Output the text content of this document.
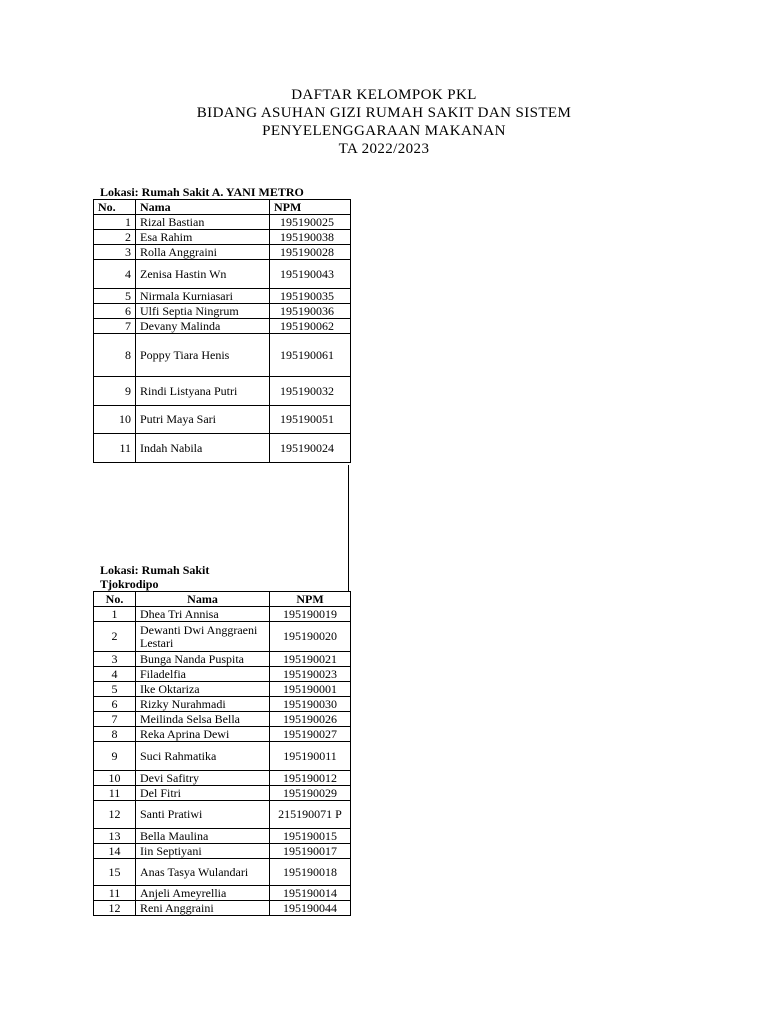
DAFTAR KELOMPOK PKL
BIDANG ASUHAN GIZI RUMAH SAKIT DAN SISTEM
PENYELENGGARAAN MAKANAN
TA 2022/2023
Lokasi: Rumah Sakit A. YANI METRO
No.	Nama	NPM
1	Rizal Bastian	195190025
2	Esa Rahim	195190038
3	Rolla Anggraini	195190028
4	Zenisa Hastin Wn	195190043
5	Nirmala Kurniasari	195190035
6	Ulfi Septia Ningrum	195190036
7	Devany Malinda	195190062
8	Poppy Tiara Henis	195190061
9	Rindi Listyana Putri	195190032
10	Putri Maya Sari	195190051
11	Indah Nabila	195190024
Lokasi: Rumah Sakit
Tjokrodipo
No.	Nama	NPM
1	Dhea Tri Annisa	195190019
2	Dewanti Dwi Anggraeni Lestari	195190020
3	Bunga Nanda Puspita	195190021
4	Filadelfia	195190023
5	Ike Oktariza	195190001
6	Rizky Nurahmadi	195190030
7	Meilinda Selsa Bella	195190026
8	Reka Aprina Dewi	195190027
9	Suci Rahmatika	195190011
10	Devi Safitry	195190012
11	Del Fitri	195190029
12	Santi Pratiwi	215190071 P
13	Bella Maulina	195190015
14	Iin Septiyani	195190017
15	Anas Tasya Wulandari	195190018
11	Anjeli Ameyrellia	195190014
12	Reni Anggraini	195190044
